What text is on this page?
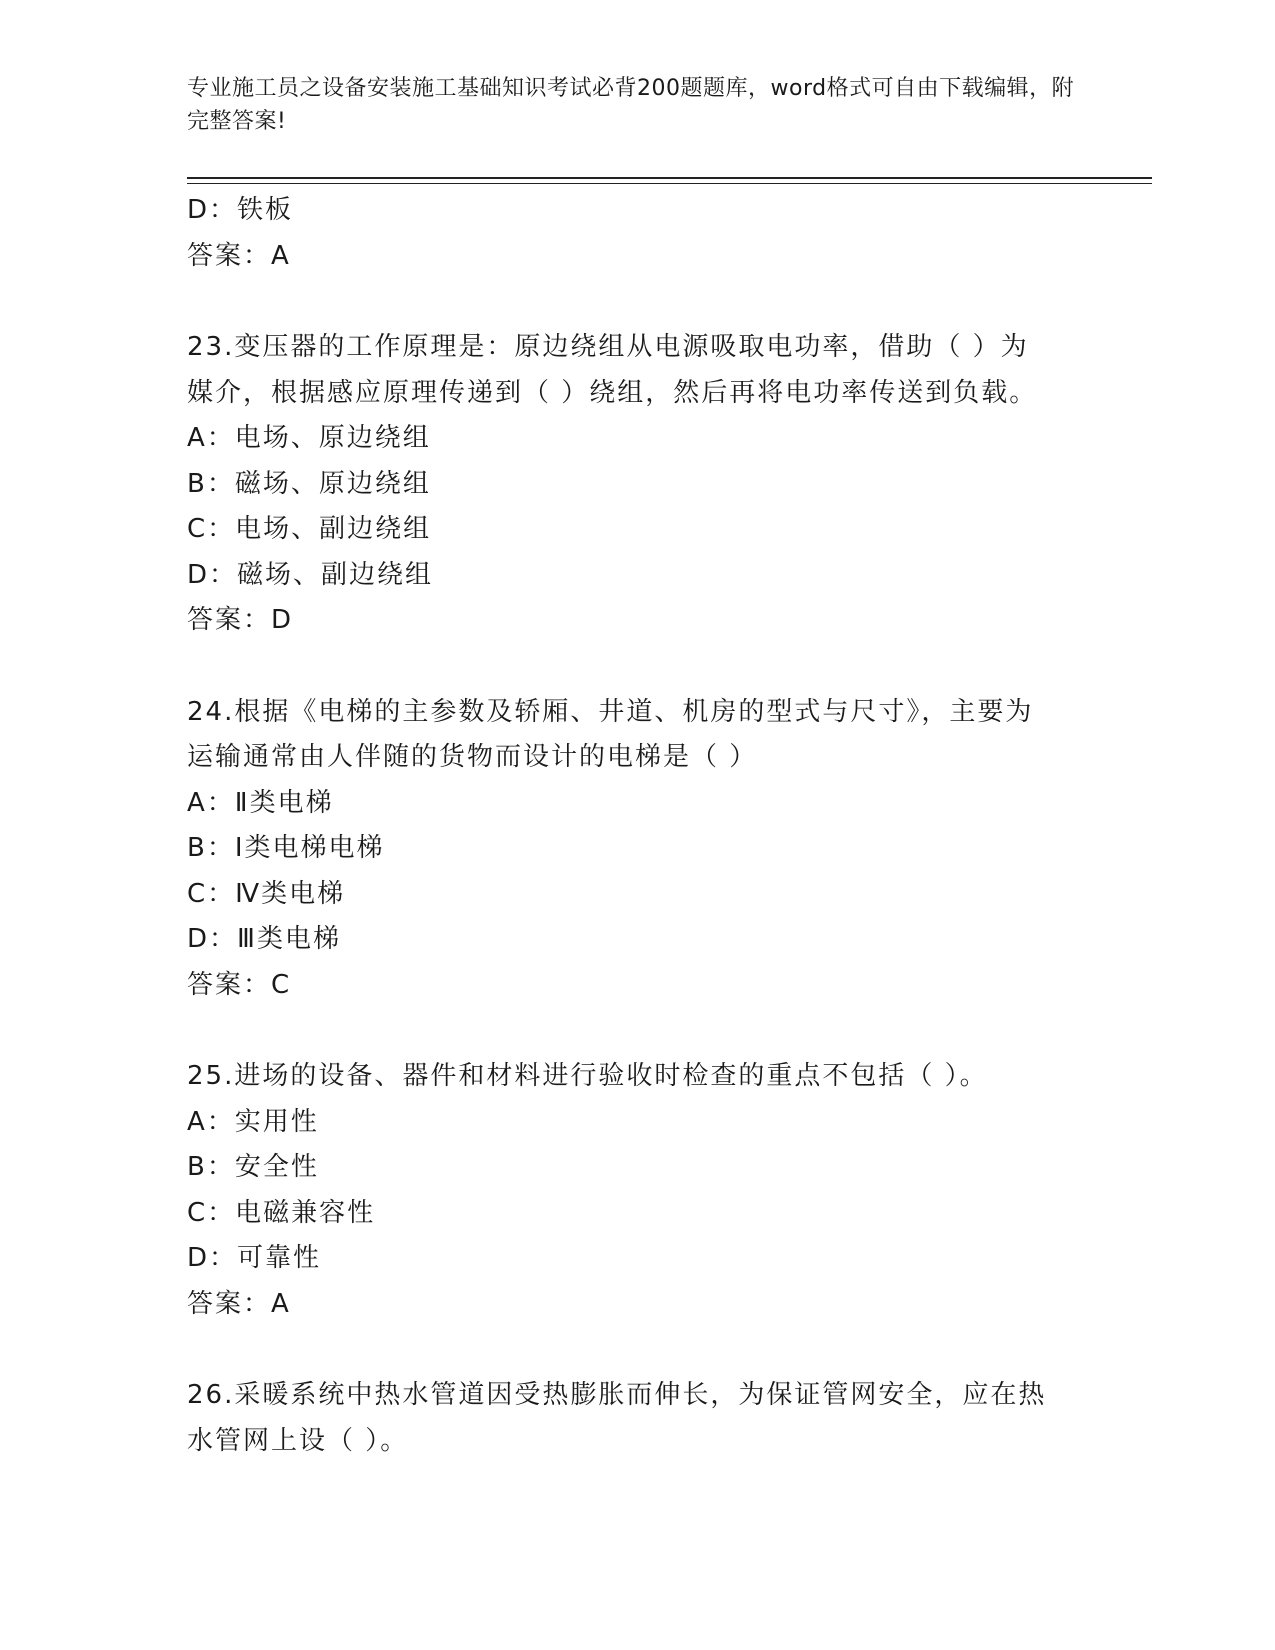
专业施工员之设备安装施工基础知识考试必背200题题库，word格式可自由下载编辑，附完整答案!
D：铁板
答案：A
23.变压器的工作原理是：原边绕组从电源吸取电功率，借助（ ）为
媒介，根据感应原理传递到（ ）绕组，然后再将电功率传送到负载。
A：电场、原边绕组
B：磁场、原边绕组
C：电场、副边绕组
D：磁场、副边绕组
答案：D
24.根据《电梯的主参数及轿厢、井道、机房的型式与尺寸》，主要为
运输通常由人伴随的货物而设计的电梯是（ ）
A：Ⅱ类电梯
B：Ⅰ类电梯电梯
C：Ⅳ类电梯
D：Ⅲ类电梯
答案：C
25.进场的设备、器件和材料进行验收时检查的重点不包括（ ）。
A：实用性
B：安全性
C：电磁兼容性
D：可靠性
答案：A
26.采暖系统中热水管道因受热膨胀而伸长，为保证管网安全，应在热
水管网上设（ ）。
